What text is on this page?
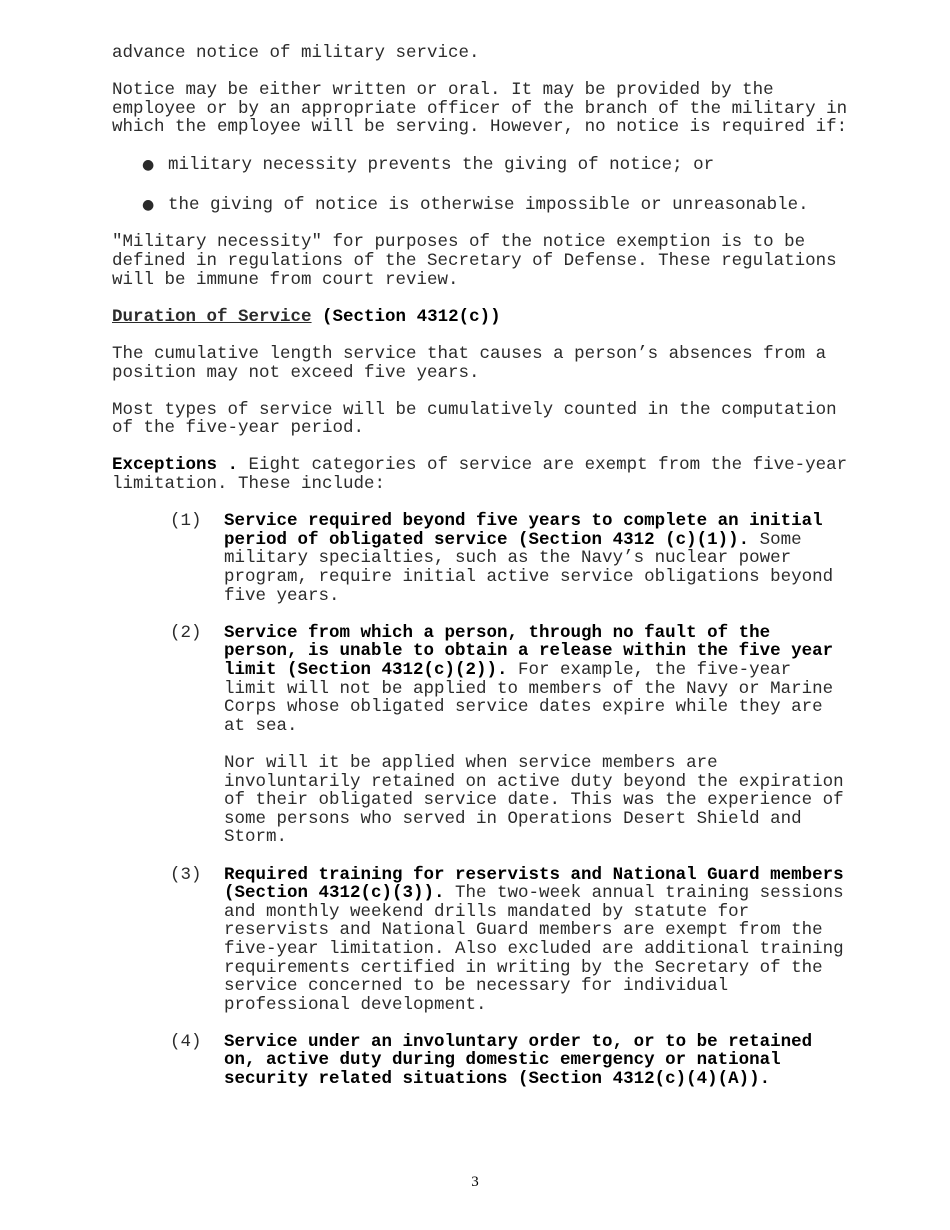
advance notice of military service.

Notice may be either written or oral. It may be provided by the employee or by an appropriate officer of the branch of the military in which the employee will be serving. However, no notice is required if:

● military necessity prevents the giving of notice; or
● the giving of notice is otherwise impossible or unreasonable.

"Military necessity" for purposes of the notice exemption is to be defined in regulations of the Secretary of Defense. These regulations will be immune from court review.

Duration of Service (Section 4312(c))

The cumulative length service that causes a person’s absences from a position may not exceed five years.

Most types of service will be cumulatively counted in the computation of the five-year period.

Exceptions . Eight categories of service are exempt from the five-year limitation. These include:

(1) Service required beyond five years to complete an initial period of obligated service (Section 4312 (c)(1)). Some military specialties, such as the Navy’s nuclear power program, require initial active service obligations beyond five years.

(2) Service from which a person, through no fault of the person, is unable to obtain a release within the five year limit (Section 4312(c)(2)). For example, the five-year limit will not be applied to members of the Navy or Marine Corps whose obligated service dates expire while they are at sea.

Nor will it be applied when service members are involuntarily retained on active duty beyond the expiration of their obligated service date. This was the experience of some persons who served in Operations Desert Shield and Storm.

(3) Required training for reservists and National Guard members (Section 4312(c)(3)). The two-week annual training sessions and monthly weekend drills mandated by statute for reservists and National Guard members are exempt from the five-year limitation. Also excluded are additional training requirements certified in writing by the Secretary of the service concerned to be necessary for individual professional development.

(4) Service under an involuntary order to, or to be retained on, active duty during domestic emergency or national security related situations (Section 4312(c)(4)(A)).

3
